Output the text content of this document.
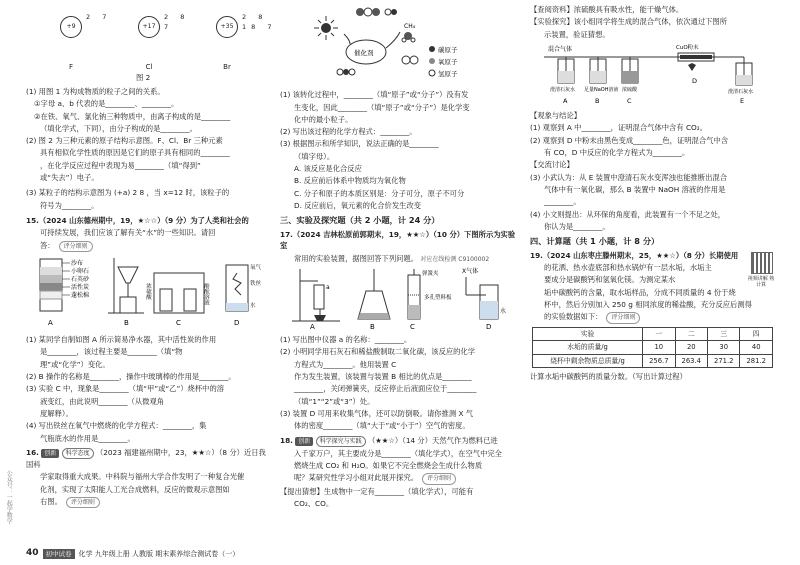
+9
2 7
F
+17
2 8 7
Cl
+35
2 8 18 7
Br
图 2

(1) 用图 1 为构成物质的粒子之间的关系。

①字母 a、b 代表的是________、________。

②在铁、氧气、氯化钠三种物质中，由离子构成的是________

（填化学式，下同），由分子构成的是________。

(2) 图 2 为三种元素的原子结构示意图。F、Cl、Br 三种元素

具有相似化学性质的原因是它们的原子具有相同的________

，在化学反应过程中表现为易________（填“得到”

或“失去”）电子。

(3) 某粒子的结构示意图为 (+a) 2 8 ，当 x=12 时，该粒子的

符号为________。

15.（2024 山东德州期中，19，★☆☆）（9 分）为了人类和社会的

可持续发展，我们应该了解有关“水”的一些知识。请回

答： 评分细则

沙布
小卵石
石英砂
活性炭
蓬松棉
A	B
浓硫酸	酚酞溶液
C
氧气
铁丝
水
D

(1) 某同学自制如图 A 所示简易净水器，其中活性炭的作用

是________，该过程主要是________（填“物

理”或“化学”）变化。

(2) B 操作的名称是________，操作中玻璃棒的作用是________。

(3) 实验 C 中，现象是________（填“甲”或“乙”）烧杯中的溶

液变红，由此说明________（从微观角

度解释）。

(4) 写出铁丝在氧气中燃烧的化学方程式：________，集

气瓶底水的作用是________。

16. 创新 科学态度 （2023 福建福州期中，23，★★☆）（8 分）近日我国科

学家取得重大成果。中科院与福州大学合作发明了一种复合光催

化剂，实现了太阳能人工光合成燃料，反应的微观示意图如

右图。 评分细则

40	初中试卷	化学 九年级上册 人教版 期末素养综合测试卷（一）
公众号：一起学数学
催化剂
CH₄
碳原子
氧原子
氢原子

(1) 该转化过程中，________（填“原子”或“分子”）没有发

生变化，因此________（填“原子”或“分子”）是化学变

化中的最小粒子。

(2) 写出该过程的化学方程式：________。

(3) 根据图示和所学知识，说法正确的是________

（填字母）。

A. 该反应是化合反应

B. 反应前后体系中物质均为氧化物

C. 分子和原子的本质区别是：分子可分，原子不可分

D. 反应前后，氧元素的化合价发生改变

三、实验及探究题（共 2 小题，计 24 分）

17.（2024 吉林松原前郭期末，19，★★☆）（10 分）下图所示为实验室

常用的实验装置，据图回答下列问题。 对应在线检测 C9100002

a
A	B
弹簧夹
多孔塑料板
C
X气体
水
D

(1) 写出图中仪器 a 的名称：________。

(2) 小明同学用石灰石和稀盐酸制取二氧化碳，该反应的化学

方程式为________。他用装置 C

作为发生装置，该装置与装置 B 相比的优点是________

________，关闭弹簧夹，反应停止后液面应位于________

（填“1”“2”或“3”）处。

(3) 装置 D 可用来收集气体，还可以防倒吸。请你推测 X 气

体的密度________（填“大于”或“小于”）空气的密度。

18. 创新 科学探究与实践 （★★☆）（14 分）天然气作为燃料已进

入千家万户，其主要成分是________（填化学式），在空气中完全

燃烧生成 CO₂ 和 H₂O。如果它不完全燃烧会生成什么物质

呢？某研究性学习小组对此展开探究。 评分细则

【提出猜想】生成物中一定有________（填化学式），可能有

CO₂、CO。

【查阅资料】浓硫酸具有吸水性，能干燥气体。

【实验探究】该小组同学将生成的混合气体，依次通过下图所

示装置，验证猜想。

混合气体	CuO粉末
澄清石灰水 足量NaOH溶液 浓硫酸	澄清石灰水
A	B	C
D
E

【观象与结论】

(1) 观察到 A 中________，证明混合气体中含有 CO₂。

(2) 观察到 D 中粉末由黑色变成________色，证明混合气中含

有 CO，D 中反应的化学方程式为________。

【交流讨论】

(3) 小武认为：从 E 装置中澄清石灰水变浑浊也能推断出混合

气体中有一氧化碳，那么 B 装置中 NaOH 溶液的作用是

________。

(4) 小文则提出：从环保的角度看，此装置有一个不足之处，

你认为是________。

四、计算题（共 1 小题，计 8 分）

19.（2024 山东枣庄滕州期末，25，★★☆）（8 分）长期使用

的花洒、热水壶底部和热水锅炉有一层水垢，水垢主

要成分是碳酸钙和氢氧化镁。为测定某水

垢中碳酸钙的含量，取水垢样品，分成不同质量的 4 份于烧

杯中，然后分别加入 250 g 相同浓度的稀盐酸，充分反应后测得

的实验数据如下： 评分细则

视频讲解 熟计算
实验	一	二	三	四
水垢的质量/g	10	20	30	40
烧杯中剩余物质总质量/g	256.7	263.4	271.2	281.2

计算水垢中碳酸钙的质量分数。（写出计算过程）
